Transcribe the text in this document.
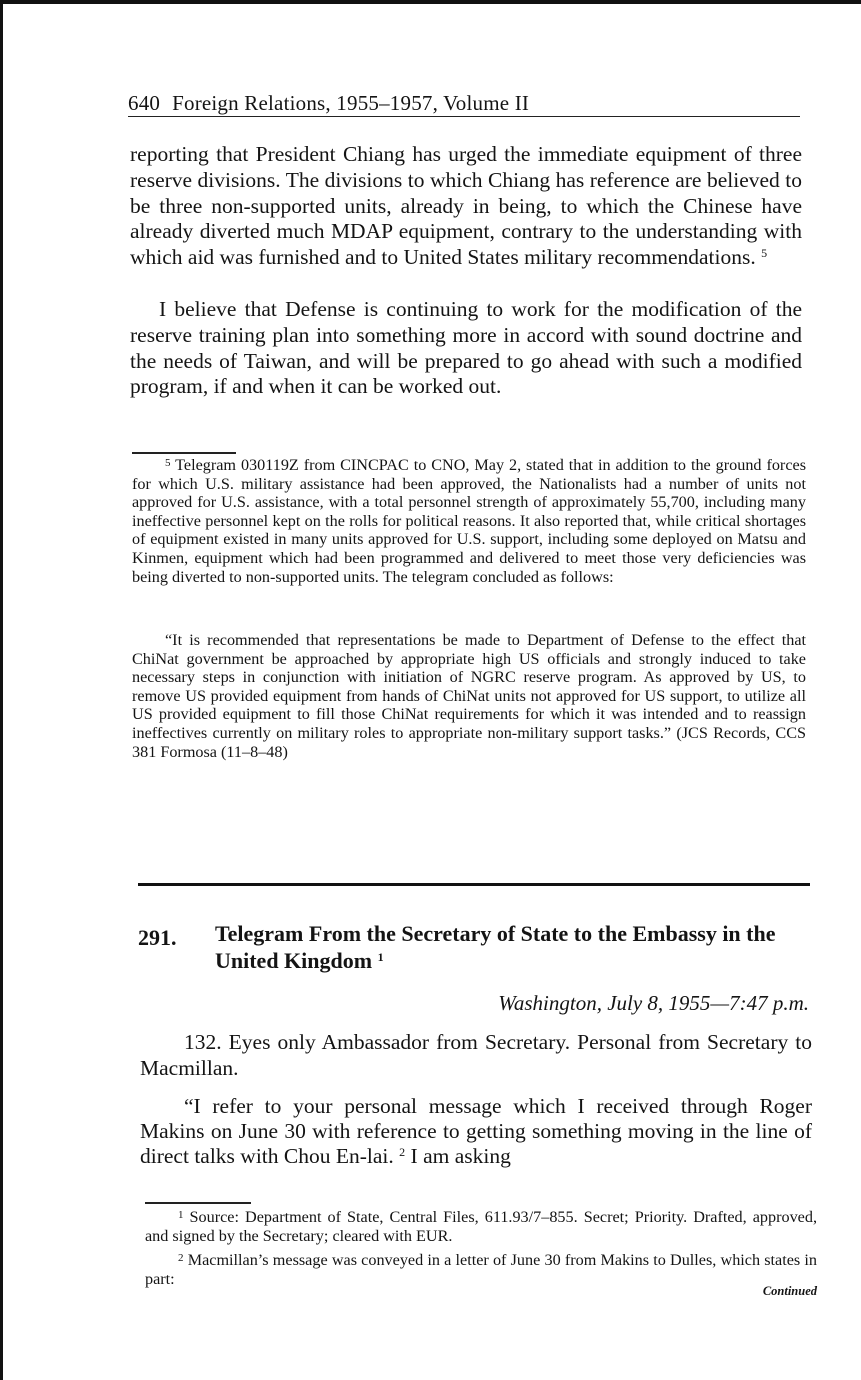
640 Foreign Relations, 1955–1957, Volume II

reporting that President Chiang has urged the immediate equipment of three reserve divisions. The divisions to which Chiang has reference are believed to be three non-supported units, already in being, to which the Chinese have already diverted much MDAP equipment, contrary to the understanding with which aid was furnished and to United States military recommendations. $^5$

I believe that Defense is continuing to work for the modification of the reserve training plan into something more in accord with sound doctrine and the needs of Taiwan, and will be prepared to go ahead with such a modified program, if and when it can be worked out.

$^5$ Telegram 030119Z from CINCPAC to CNO, May 2, stated that in addition to the ground forces for which U.S. military assistance had been approved, the Nationalists had a number of units not approved for U.S. assistance, with a total personnel strength of approximately 55,700, including many ineffective personnel kept on the rolls for political reasons. It also reported that, while critical shortages of equipment existed in many units approved for U.S. support, including some deployed on Matsu and Kinmen, equipment which had been programmed and delivered to meet those very deficiencies was being diverted to non-supported units. The telegram concluded as follows:

“It is recommended that representations be made to Department of Defense to the effect that ChiNat government be approached by appropriate high US officials and strongly induced to take necessary steps in conjunction with initiation of NGRC reserve program. As approved by US, to remove US provided equipment from hands of ChiNat units not approved for US support, to utilize all US provided equipment to fill those ChiNat requirements for which it was intended and to reassign ineffectives currently on military roles to appropriate non-military support tasks.” (JCS Records, CCS 381 Formosa (11–8–48)

291. Telegram From the Secretary of State to the Embassy in the United Kingdom $^1$

Washington, July 8, 1955—7:47 p.m.

132. Eyes only Ambassador from Secretary. Personal from Secretary to Macmillan.

“I refer to your personal message which I received through Roger Makins on June 30 with reference to getting something moving in the line of direct talks with Chou En-lai. $^2$ I am asking

$^1$ Source: Department of State, Central Files, 611.93/7–855. Secret; Priority. Drafted, approved, and signed by the Secretary; cleared with EUR.

$^2$ Macmillan’s message was conveyed in a letter of June 30 from Makins to Dulles, which states in part:

Continued
